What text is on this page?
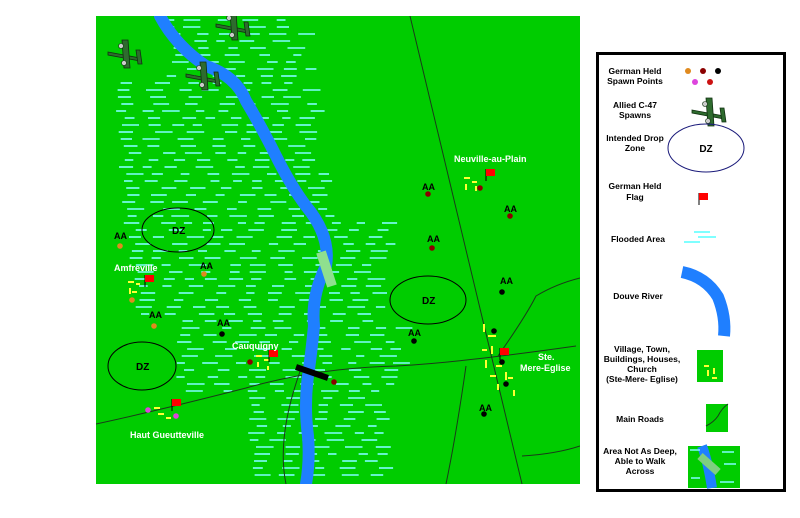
DZ
DZ
DZ
AA
AA
AA
AA
AA
AA
AA
AA
AA
AA
Neuville-au-Plain
Amfreville
Cauquigny
Ste.
Mere-Eglise
Haut Gueutteville
German Held
Spawn Points
Allied C-47
Spawns
Intended Drop
Zone
German Held
Flag
Flooded Area
Douve River
Village, Town,
Buildings, Houses,
Church
(Ste-Mere- Eglise)
Main Roads
Area Not As Deep,
Able to Walk
Across
DZ
